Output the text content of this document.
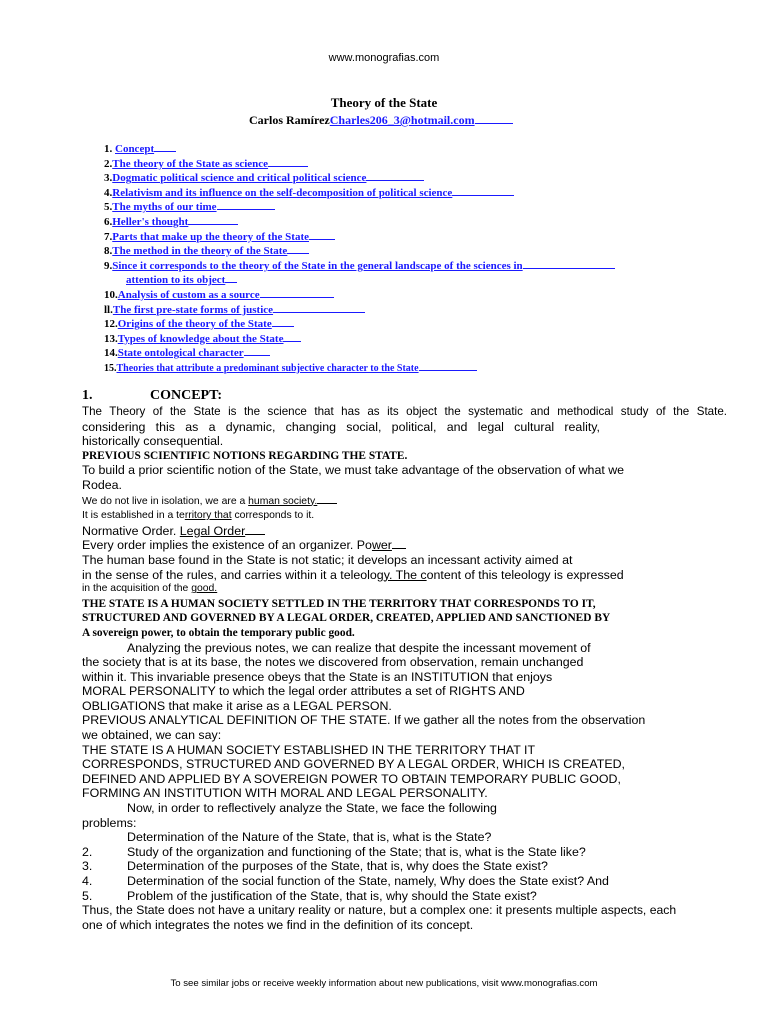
www.monografias.com
Theory of the State
Carlos RamírezCharles206_3@hotmail.com
1. Concept
2.The theory of the State as science
3.Dogmatic political science and critical political science
4.Relativism and its influence on the self-decomposition of political science
5.The myths of our time
6.Heller's thought
7.Parts that make up the theory of the State
8.The method in the theory of the State
9.Since it corresponds to the theory of the State in the general landscape of the sciences in
attention to its object
10.Analysis of custom as a source
ll.The first pre-state forms of justice
12.Origins of the theory of the State
13.Types of knowledge about the State
14.State ontological character
15.Theories that attribute a predominant subjective character to the State
1.	CONCEPT:

The Theory of the State is the science that has as its object the systematic and methodical study of the State.

considering this as a dynamic, changing social, political, and legal cultural reality,

historically consequential.

PREVIOUS SCIENTIFIC NOTIONS REGARDING THE STATE.

To build a prior scientific notion of the State, we must take advantage of the observation of what we

Rodea.

We do not live in isolation, we are a human society.

It is established in a territory that corresponds to it.

Normative Order. Legal Order

Every order implies the existence of an organizer. Power

The human base found in the State is not static; it develops an incessant activity aimed at

in the sense of the rules, and carries within it a teleology. The content of this teleology is expressed

in the acquisition of the good.

THE STATE IS A HUMAN SOCIETY SETTLED IN THE TERRITORY THAT CORRESPONDS TO IT,

STRUCTURED AND GOVERNED BY A LEGAL ORDER, CREATED, APPLIED AND SANCTIONED BY

A sovereign power, to obtain the temporary public good.

Analyzing the previous notes, we can realize that despite the incessant movement of

the society that is at its base, the notes we discovered from observation, remain unchanged

within it. This invariable presence obeys that the State is an INSTITUTION that enjoys

MORAL PERSONALITY to which the legal order attributes a set of RIGHTS AND

OBLIGATIONS that make it arise as a LEGAL PERSON.

PREVIOUS ANALYTICAL DEFINITION OF THE STATE. If we gather all the notes from the observation

we obtained, we can say:

THE STATE IS A HUMAN SOCIETY ESTABLISHED IN THE TERRITORY THAT IT

CORRESPONDS, STRUCTURED AND GOVERNED BY A LEGAL ORDER, WHICH IS CREATED,

DEFINED AND APPLIED BY A SOVEREIGN POWER TO OBTAIN TEMPORARY PUBLIC GOOD,

FORMING AN INSTITUTION WITH MORAL AND LEGAL PERSONALITY.

Now, in order to reflectively analyze the State, we face the following

problems:

Determination of the Nature of the State, that is, what is the State?

2.	Study of the organization and functioning of the State; that is, what is the State like?

3.	Determination of the purposes of the State, that is, why does the State exist?

4.	Determination of the social function of the State, namely, Why does the State exist? And

5.	Problem of the justification of the State, that is, why should the State exist?

Thus, the State does not have a unitary reality or nature, but a complex one: it presents multiple aspects, each

one of which integrates the notes we find in the definition of its concept.

To see similar jobs or receive weekly information about new publications, visit www.monografias.com
